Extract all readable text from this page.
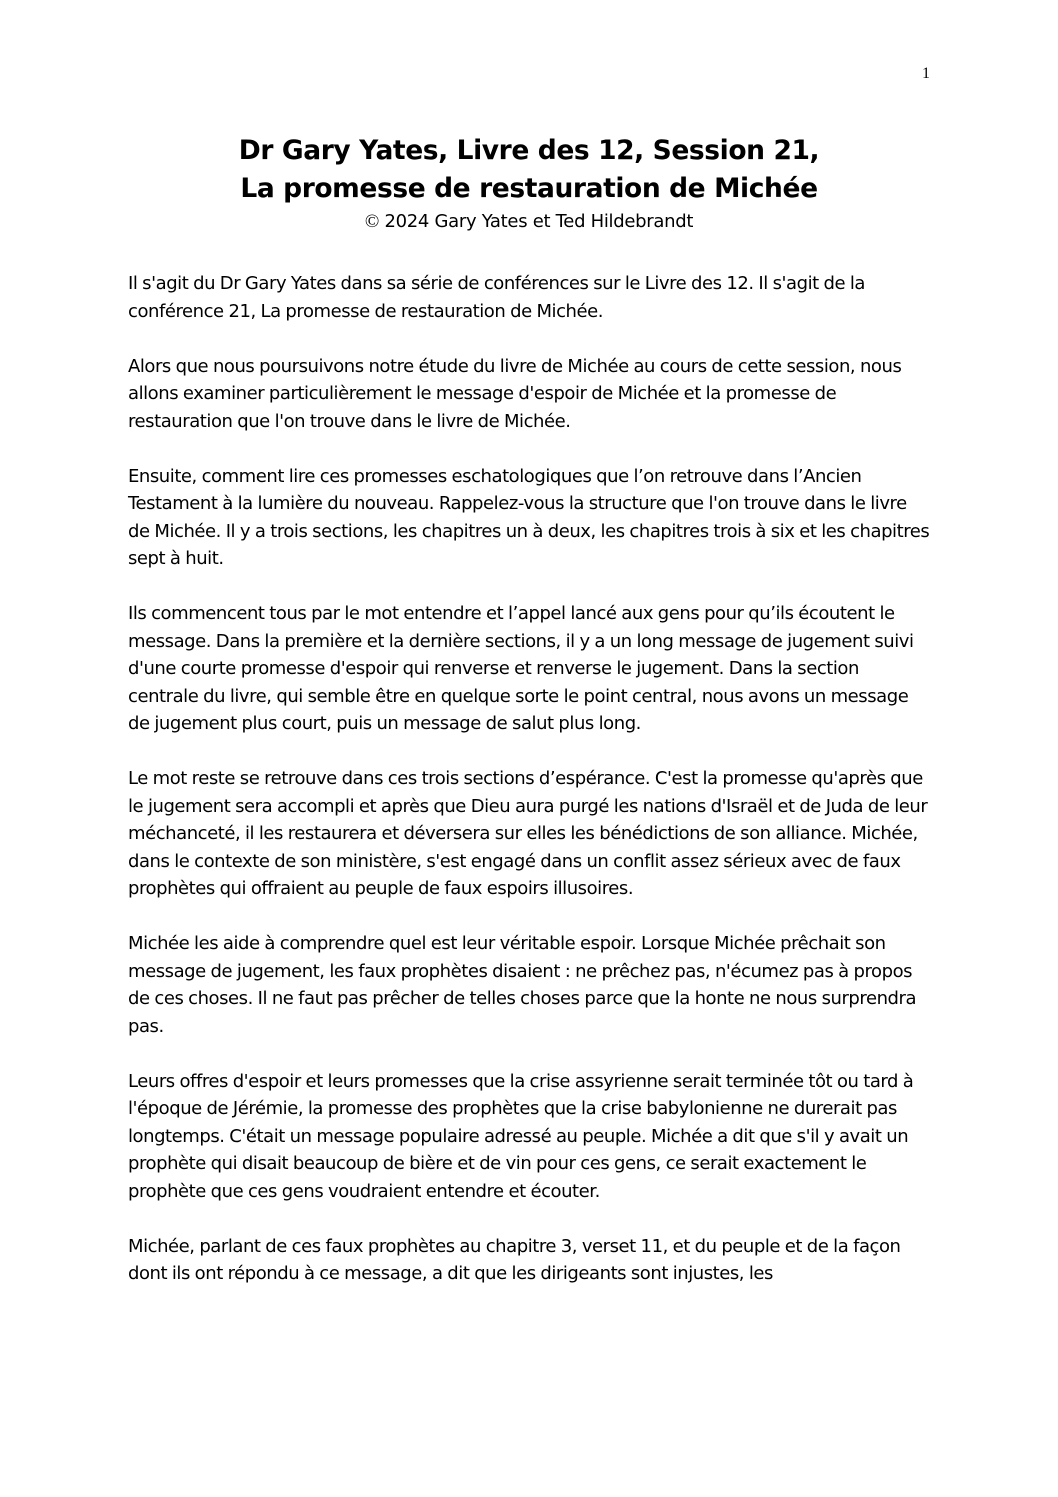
1
Dr Gary Yates, Livre des 12, Session 21,
La promesse de restauration de Michée
© 2024 Gary Yates et Ted Hildebrandt

Il s'agit du Dr Gary Yates dans sa série de conférences sur le Livre des 12. Il s'agit de la conférence 21, La promesse de restauration de Michée.

Alors que nous poursuivons notre étude du livre de Michée au cours de cette session, nous allons examiner particulièrement le message d'espoir de Michée et la promesse de restauration que l'on trouve dans le livre de Michée.

Ensuite, comment lire ces promesses eschatologiques que l’on retrouve dans l’Ancien Testament à la lumière du nouveau. Rappelez-vous la structure que l'on trouve dans le livre de Michée. Il y a trois sections, les chapitres un à deux, les chapitres trois à six et les chapitres sept à huit.

Ils commencent tous par le mot entendre et l’appel lancé aux gens pour qu’ils écoutent le message. Dans la première et la dernière sections, il y a un long message de jugement suivi d'une courte promesse d'espoir qui renverse et renverse le jugement. Dans la section centrale du livre, qui semble être en quelque sorte le point central, nous avons un message de jugement plus court, puis un message de salut plus long.

Le mot reste se retrouve dans ces trois sections d’espérance. C'est la promesse qu'après que le jugement sera accompli et après que Dieu aura purgé les nations d'Israël et de Juda de leur méchanceté, il les restaurera et déversera sur elles les bénédictions de son alliance. Michée, dans le contexte de son ministère, s'est engagé dans un conflit assez sérieux avec de faux prophètes qui offraient au peuple de faux espoirs illusoires.

Michée les aide à comprendre quel est leur véritable espoir. Lorsque Michée prêchait son message de jugement, les faux prophètes disaient : ne prêchez pas, n'écumez pas à propos de ces choses. Il ne faut pas prêcher de telles choses parce que la honte ne nous surprendra pas.

Leurs offres d'espoir et leurs promesses que la crise assyrienne serait terminée tôt ou tard à l'époque de Jérémie, la promesse des prophètes que la crise babylonienne ne durerait pas longtemps. C'était un message populaire adressé au peuple. Michée a dit que s'il y avait un prophète qui disait beaucoup de bière et de vin pour ces gens, ce serait exactement le prophète que ces gens voudraient entendre et écouter.

Michée, parlant de ces faux prophètes au chapitre 3, verset 11, et du peuple et de la façon dont ils ont répondu à ce message, a dit que les dirigeants sont injustes, les
